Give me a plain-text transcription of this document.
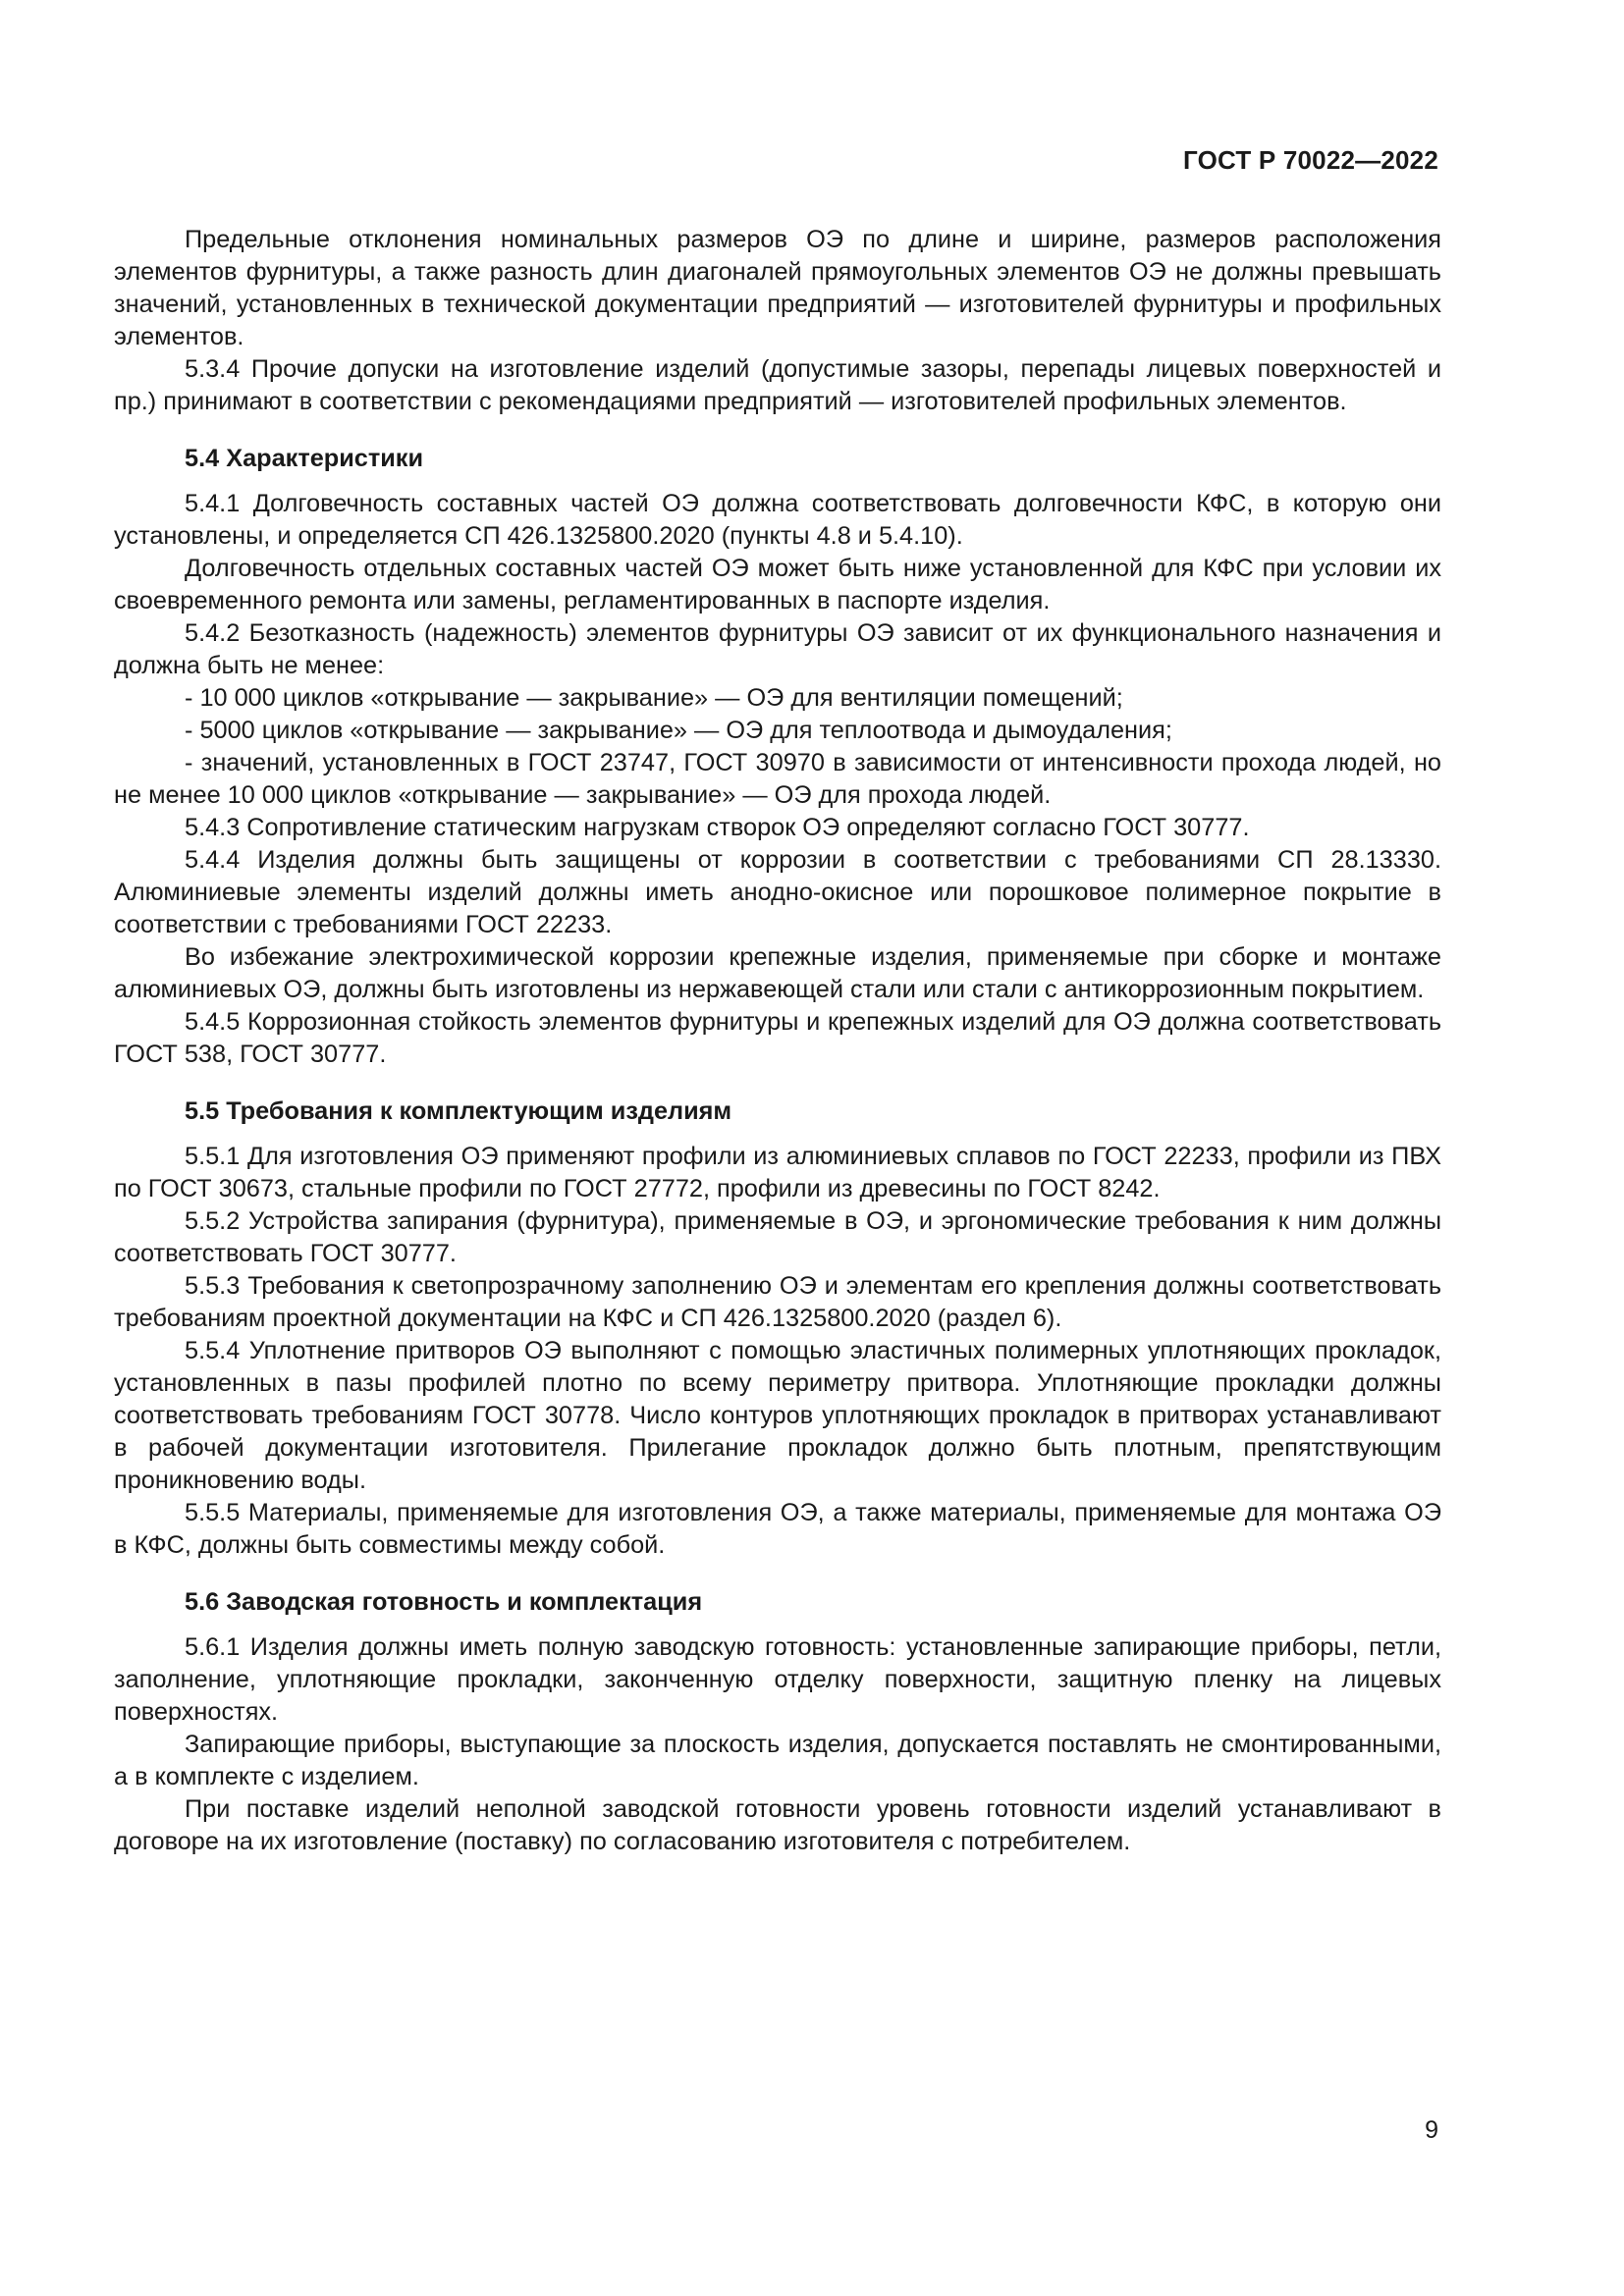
ГОСТ Р 70022—2022

Предельные отклонения номинальных размеров ОЭ по длине и ширине, размеров расположения элементов фурнитуры, а также разность длин диагоналей прямоугольных элементов ОЭ не должны превышать значений, установленных в технической документации предприятий — изготовителей фурнитуры и профильных элементов.

5.3.4 Прочие допуски на изготовление изделий (допустимые зазоры, перепады лицевых поверхностей и пр.) принимают в соответствии с рекомендациями предприятий — изготовителей профильных элементов.

5.4 Характеристики

5.4.1 Долговечность составных частей ОЭ должна соответствовать долговечности КФС, в которую они установлены, и определяется СП 426.1325800.2020 (пункты 4.8 и 5.4.10).

Долговечность отдельных составных частей ОЭ может быть ниже установленной для КФС при условии их своевременного ремонта или замены, регламентированных в паспорте изделия.

5.4.2 Безотказность (надежность) элементов фурнитуры ОЭ зависит от их функционального назначения и должна быть не менее:

- 10 000 циклов «открывание — закрывание» — ОЭ для вентиляции помещений;

- 5000 циклов «открывание — закрывание» — ОЭ для теплоотвода и дымоудаления;

- значений, установленных в ГОСТ 23747, ГОСТ 30970 в зависимости от интенсивности прохода людей, но не менее 10 000 циклов «открывание — закрывание» — ОЭ для прохода людей.

5.4.3 Сопротивление статическим нагрузкам створок ОЭ определяют согласно ГОСТ 30777.

5.4.4 Изделия должны быть защищены от коррозии в соответствии с требованиями СП 28.13330. Алюминиевые элементы изделий должны иметь анодно-окисное или порошковое полимерное покрытие в соответствии с требованиями ГОСТ 22233.

Во избежание электрохимической коррозии крепежные изделия, применяемые при сборке и монтаже алюминиевых ОЭ, должны быть изготовлены из нержавеющей стали или стали с антикоррозионным покрытием.

5.4.5 Коррозионная стойкость элементов фурнитуры и крепежных изделий для ОЭ должна соответствовать ГОСТ 538, ГОСТ 30777.

5.5 Требования к комплектующим изделиям

5.5.1 Для изготовления ОЭ применяют профили из алюминиевых сплавов по ГОСТ 22233, профили из ПВХ по ГОСТ 30673, стальные профили по ГОСТ 27772, профили из древесины по ГОСТ 8242.

5.5.2 Устройства запирания (фурнитура), применяемые в ОЭ, и эргономические требования к ним должны соответствовать ГОСТ 30777.

5.5.3 Требования к светопрозрачному заполнению ОЭ и элементам его крепления должны соответствовать требованиям проектной документации на КФС и СП 426.1325800.2020 (раздел 6).

5.5.4 Уплотнение притворов ОЭ выполняют с помощью эластичных полимерных уплотняющих прокладок, установленных в пазы профилей плотно по всему периметру притвора. Уплотняющие прокладки должны соответствовать требованиям ГОСТ 30778. Число контуров уплотняющих прокладок в притворах устанавливают в рабочей документации изготовителя. Прилегание прокладок должно быть плотным, препятствующим проникновению воды.

5.5.5 Материалы, применяемые для изготовления ОЭ, а также материалы, применяемые для монтажа ОЭ в КФС, должны быть совместимы между собой.

5.6 Заводская готовность и комплектация

5.6.1 Изделия должны иметь полную заводскую готовность: установленные запирающие приборы, петли, заполнение, уплотняющие прокладки, законченную отделку поверхности, защитную пленку на лицевых поверхностях.

Запирающие приборы, выступающие за плоскость изделия, допускается поставлять не смонтированными, а в комплекте с изделием.

При поставке изделий неполной заводской готовности уровень готовности изделий устанавливают в договоре на их изготовление (поставку) по согласованию изготовителя с потребителем.

9
